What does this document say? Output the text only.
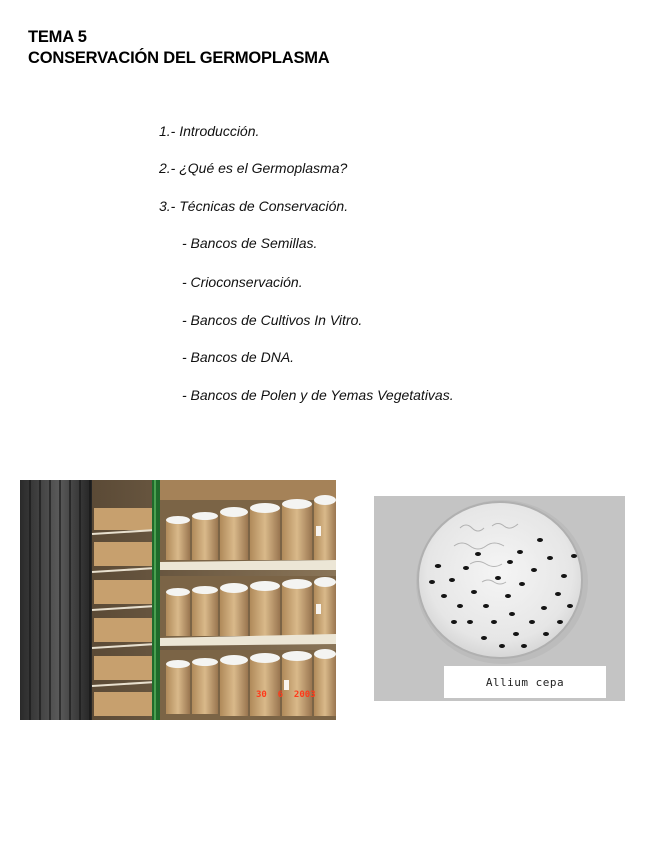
TEMA 5
CONSERVACIÓN DEL GERMOPLASMA
1.- Introducción.
2.- ¿Qué es el Germoplasma?
3.- Técnicas de Conservación.
- Bancos de Semillas.
- Crioconservación.
- Bancos de Cultivos In Vitro.
- Bancos de DNA.
- Bancos de Polen y de Yemas Vegetativas.
30  6  2003
Allium cepa
